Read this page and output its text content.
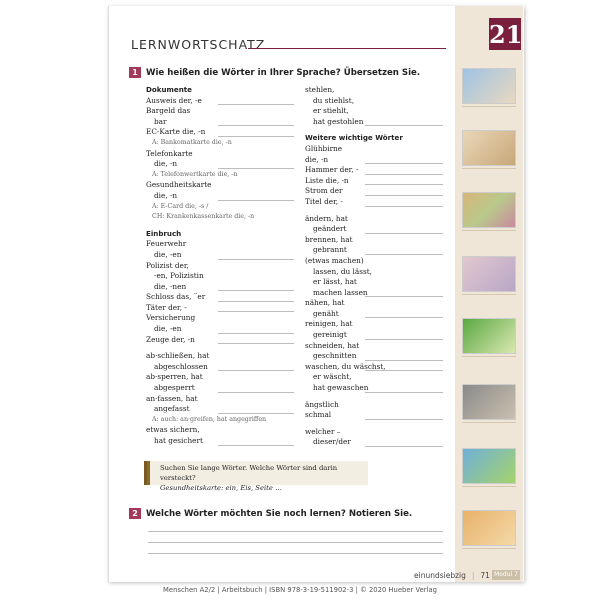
21
LERNWORTSCHATZ
1 Wie heißen die Wörter in Ihrer Sprache? Übersetzen Sie.
Dokumente
Ausweis der, -e
Bargeld das
bar
EC-Karte die, -n
A: Bankomatkarte die, -n
Telefonkarte
die, -n
A: Telefonwertkarte die, -n
Gesundheitskarte
die, -n
A: E-Card die, -s /
CH: Krankenkassenkarte die, -n
Einbruch
Feuerwehr
die, -en
Polizist der,
-en, Polizistin
die, -nen
Schloss das, ¨er
Täter der, -
Versicherung
die, -en
Zeuge der, -n
ab·schließen, hat
abgeschlossen
ab·sperren, hat
abgesperrt
an·fassen, hat
angefasst
A: auch: an·greifen, hat angegriffen
etwas sichern,
hat gesichert
stehlen,
du stiehlst,
er stiehlt,
hat gestohlen
Weitere wichtige Wörter
Glühbirne
die, -n
Hammer der, -
Liste die, -n
Strom der
Titel der, -
ändern, hat
geändert
brennen, hat
gebrannt
(etwas machen)
lassen, du lässt,
er lässt, hat
machen lassen
nähen, hat
genäht
reinigen, hat
gereinigt
schneiden, hat
geschnitten
waschen, du wäschst,
er wäscht,
hat gewaschen
ängstlich
schmal
welcher –
dieser/der
Suchen Sie lange Wörter. Welche Wörter sind darin versteckt?
Gesundheitskarte: ein, Eis, Seite …
2 Welche Wörter möchten Sie noch lernen? Notieren Sie.
einundsiebzig | 71 Modul 7
Menschen A2/2 | Arbeitsbuch | ISBN 978-3-19-511902-3 | © 2020 Hueber Verlag
